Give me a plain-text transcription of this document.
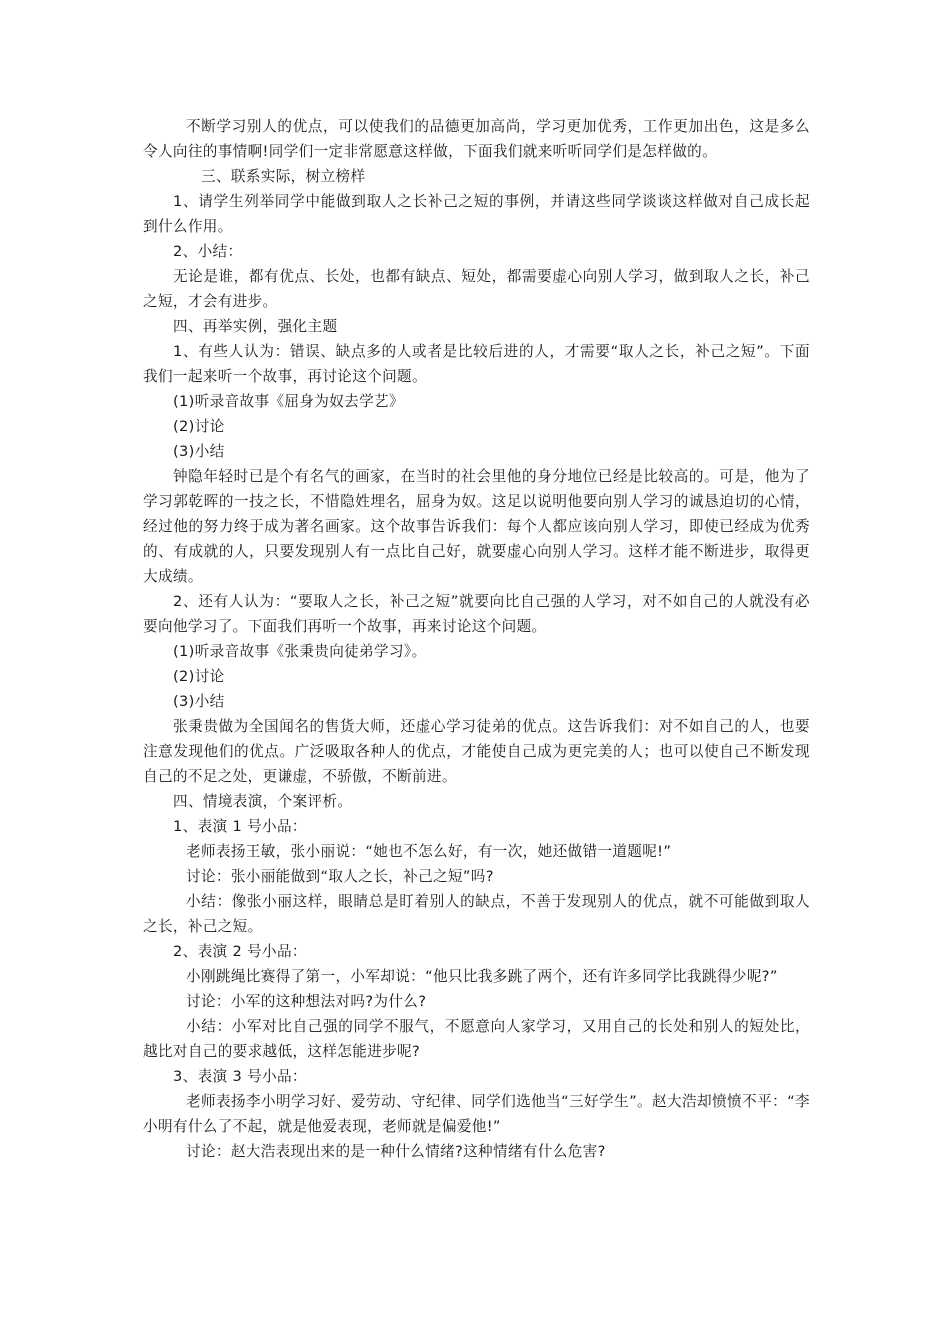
不断学习别人的优点，可以使我们的品德更加高尚，学习更加优秀，工作更加出色，这是多么令人向往的事情啊!同学们一定非常愿意这样做，下面我们就来听听同学们是怎样做的。

三、联系实际，树立榜样

1、请学生列举同学中能做到取人之长补己之短的事例，并请这些同学谈谈这样做对自己成长起到什么作用。

2、小结：

无论是谁，都有优点、长处，也都有缺点、短处，都需要虚心向别人学习，做到取人之长，补己之短，才会有进步。

四、再举实例，强化主题

1、有些人认为：错误、缺点多的人或者是比较后进的人，才需要“取人之长，补己之短”。下面我们一起来听一个故事，再讨论这个问题。

(1)听录音故事《屈身为奴去学艺》

(2)讨论

(3)小结

钟隐年轻时已是个有名气的画家，在当时的社会里他的身分地位已经是比较高的。可是，他为了学习郭乾晖的一技之长，不惜隐姓埋名，屈身为奴。这足以说明他要向别人学习的诚恳迫切的心情，经过他的努力终于成为著名画家。这个故事告诉我们：每个人都应该向别人学习，即使已经成为优秀的、有成就的人，只要发现别人有一点比自己好，就要虚心向别人学习。这样才能不断进步，取得更大成绩。

2、还有人认为：“要取人之长，补己之短”就要向比自己强的人学习，对不如自己的人就没有必要向他学习了。下面我们再听一个故事，再来讨论这个问题。

(1)听录音故事《张秉贵向徒弟学习》。

(2)讨论

(3)小结

张秉贵做为全国闻名的售货大师，还虚心学习徒弟的优点。这告诉我们：对不如自己的人，也要注意发现他们的优点。广泛吸取各种人的优点，才能使自己成为更完美的人；也可以使自己不断发现自己的不足之处，更谦虚，不骄傲，不断前进。

四、情境表演，个案评析。

1、表演 1 号小品：

老师表扬王敏，张小丽说：“她也不怎么好，有一次，她还做错一道题呢!”

讨论：张小丽能做到“取人之长，补己之短”吗?

小结：像张小丽这样，眼睛总是盯着别人的缺点，不善于发现别人的优点，就不可能做到取人之长，补己之短。

2、表演 2 号小品：

小刚跳绳比赛得了第一，小军却说：“他只比我多跳了两个，还有许多同学比我跳得少呢?”

讨论：小军的这种想法对吗?为什么?

小结：小军对比自己强的同学不服气，不愿意向人家学习，又用自己的长处和别人的短处比，越比对自己的要求越低，这样怎能进步呢?

3、表演 3 号小品：

老师表扬李小明学习好、爱劳动、守纪律、同学们选他当“三好学生”。赵大浩却愤愤不平：“李小明有什么了不起，就是他爱表现，老师就是偏爱他!”

讨论：赵大浩表现出来的是一种什么情绪?这种情绪有什么危害?
